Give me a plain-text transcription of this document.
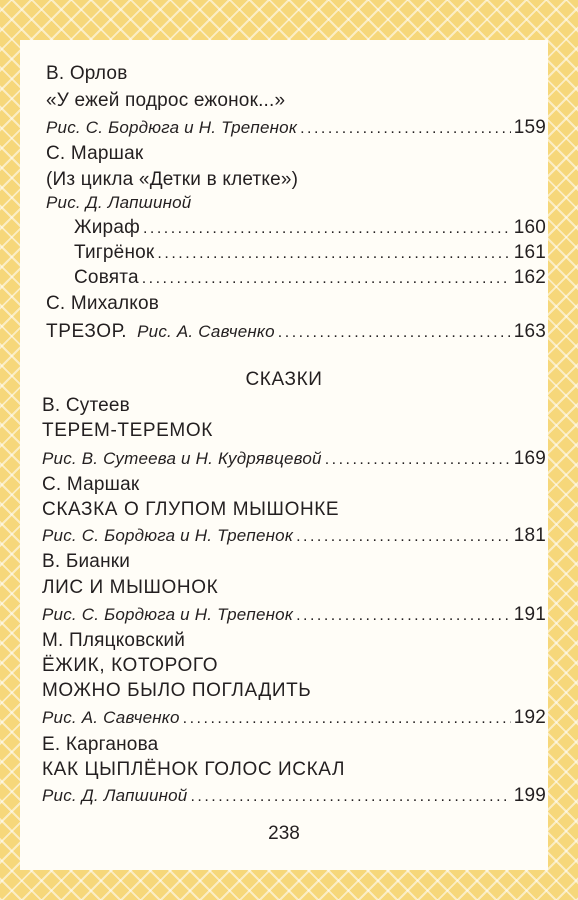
В. Орлов
«У ежей подрос ежонок...»
Рис. С. Бордюга и Н. Трепенок .....	159
С. Маршак
(Из цикла «Детки в клетке»)
Рис. Д. Лапшиной
Жираф .....	160
Тигрёнок .....	161
Совята .....	162
С. Михалков
ТРЕЗОР. Рис. А. Савченко .....	163
СКАЗКИ
В. Сутеев
ТЕРЕМ-ТЕРЕМОК
Рис. В. Сутеева и Н. Кудрявцевой .....	169
С. Маршак
СКАЗКА О ГЛУПОМ МЫШОНКЕ
Рис. С. Бордюга и Н. Трепенок .....	181
В. Бианки
ЛИС И МЫШОНОК
Рис. С. Бордюга и Н. Трепенок .....	191
М. Пляцковский
ЁЖИК, КОТОРОГО
МОЖНО БЫЛО ПОГЛАДИТЬ
Рис. А. Савченко .....	192
Е. Карганова
КАК ЦЫПЛЁНОК ГОЛОС ИСКАЛ
Рис. Д. Лапшиной .....	199
238
